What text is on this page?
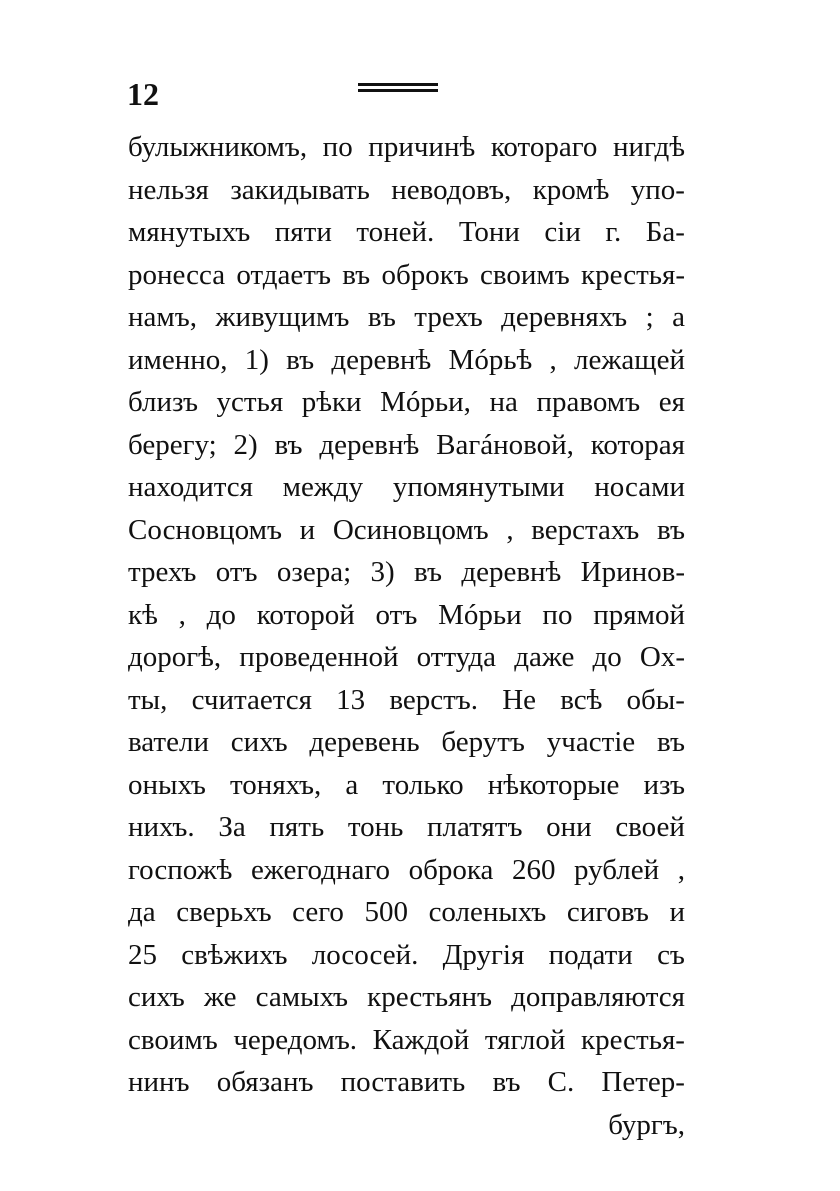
12
булыжникомъ, по причинѣ котораго нигдѣ
нельзя закидывать неводовъ, кромѣ упо-
мянутыхъ пяти тоней. Тони сiи г. Ба-
ронесса отдаетъ въ оброкъ своимъ крестья-
намъ, живущимъ въ трехъ деревняхъ ; а
именно, 1) въ деревнѣ Мóрьѣ , лежащей
близъ устья рѣки Мóрьи, на правомъ ея
берегу; 2) въ деревнѣ Вагáновой, которая
находится между упомянутыми носами
Сосновцомъ и Осиновцомъ , верстахъ въ
трехъ отъ озера; 3) въ деревнѣ Иринов-
кѣ , до которой отъ Мóрьи по прямой
дорогѣ, проведенной оттуда даже до Ох-
ты, считается 13 верстъ. Не всѣ обы-
ватели сихъ деревень берутъ участiе въ
оныхъ тоняхъ, а только нѣкоторые изъ
нихъ. За пять тонь платятъ они своей
госпожѣ ежегоднаго оброка 260 рублей ,
да сверьхъ сего 500 соленыхъ сиговъ и
25 свѣжихъ лососей. Другiя подати съ
сихъ же самыхъ крестьянъ доправляются
своимъ чередомъ. Каждой тяглой крестья-
нинъ обязанъ поставить въ С. Петер-
бургъ,
